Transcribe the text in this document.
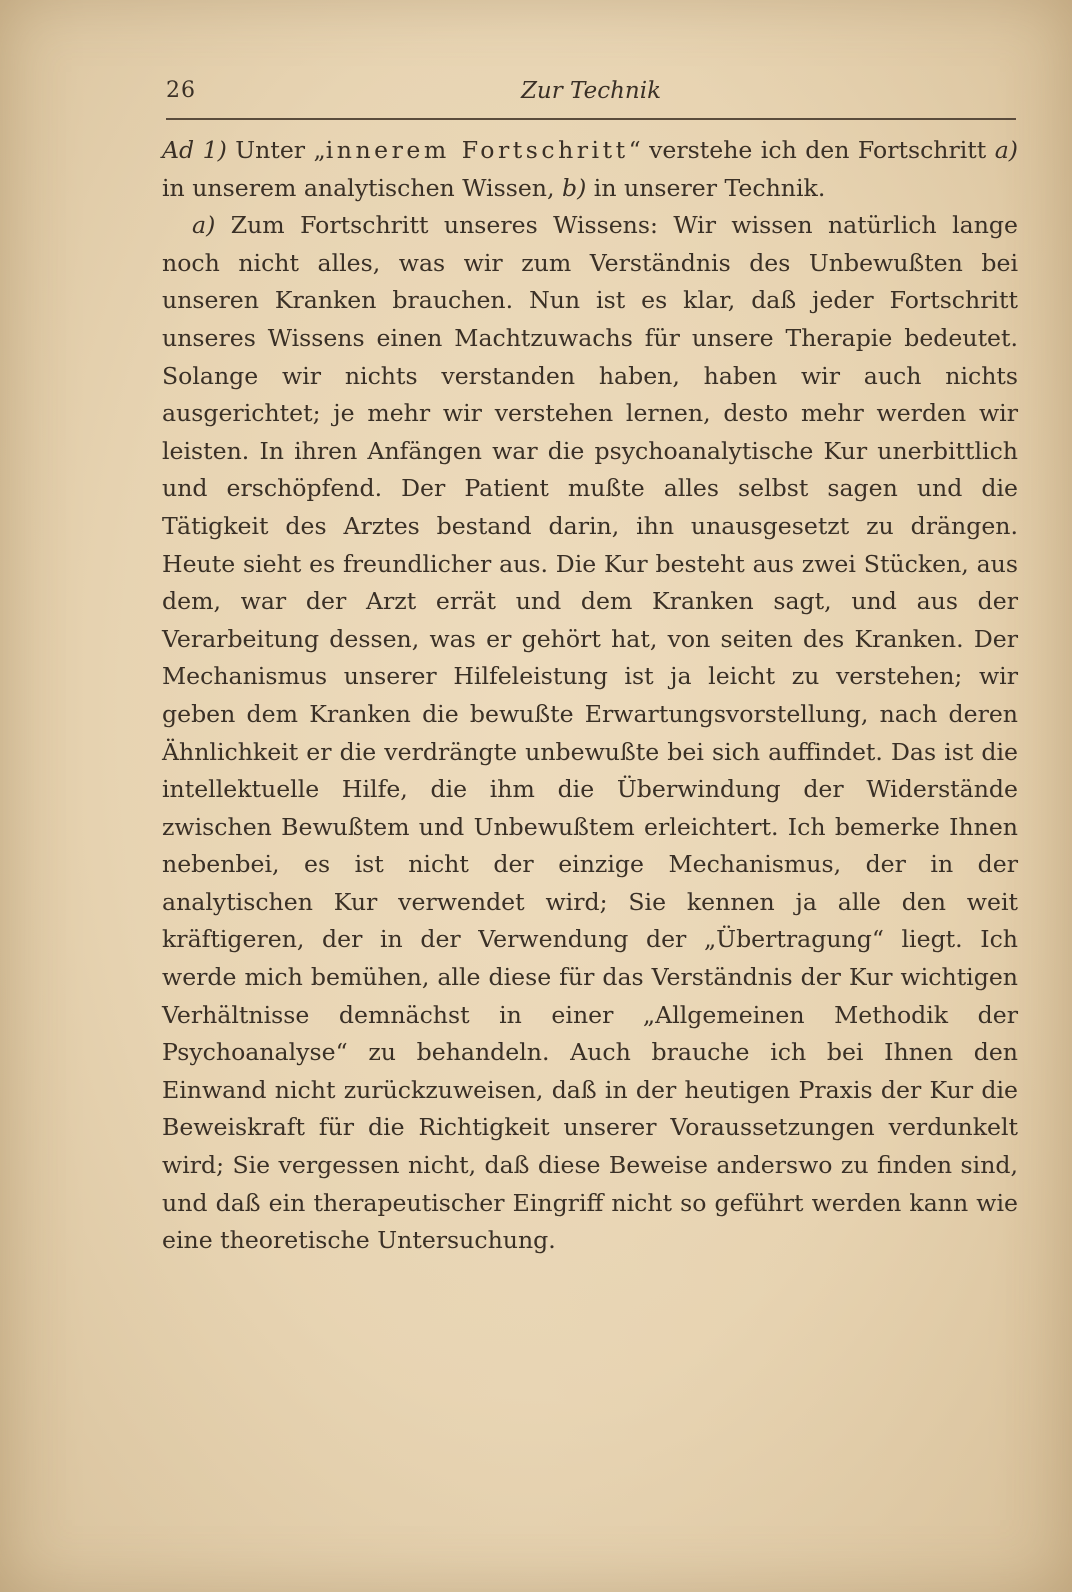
26	Zur Technik

Ad 1) Unter „innerem Fortschritt“ verstehe ich den Fortschritt a) in unserem analytischen Wissen, b) in unserer Technik.

a) Zum Fortschritt unseres Wissens: Wir wissen natürlich lange noch nicht alles, was wir zum Verständnis des Unbewußten bei unseren Kranken brauchen. Nun ist es klar, daß jeder Fortschritt unseres Wissens einen Machtzuwachs für unsere Therapie bedeutet. Solange wir nichts verstanden haben, haben wir auch nichts ausgerichtet; je mehr wir verstehen lernen, desto mehr werden wir leisten. In ihren Anfängen war die psychoanalytische Kur unerbittlich und erschöpfend. Der Patient mußte alles selbst sagen und die Tätigkeit des Arztes bestand darin, ihn unausgesetzt zu drängen. Heute sieht es freundlicher aus. Die Kur besteht aus zwei Stücken, aus dem, war der Arzt errät und dem Kranken sagt, und aus der Verarbeitung dessen, was er gehört hat, von seiten des Kranken. Der Mechanismus unserer Hilfeleistung ist ja leicht zu verstehen; wir geben dem Kranken die bewußte Erwartungsvorstellung, nach deren Ähnlichkeit er die verdrängte unbewußte bei sich auffindet. Das ist die intellektuelle Hilfe, die ihm die Überwindung der Widerstände zwischen Bewußtem und Unbewußtem erleichtert. Ich bemerke Ihnen nebenbei, es ist nicht der einzige Mechanismus, der in der analytischen Kur verwendet wird; Sie kennen ja alle den weit kräftigeren, der in der Verwendung der „Übertragung“ liegt. Ich werde mich bemühen, alle diese für das Verständnis der Kur wichtigen Verhältnisse demnächst in einer „Allgemeinen Methodik der Psychoanalyse“ zu behandeln. Auch brauche ich bei Ihnen den Einwand nicht zurückzuweisen, daß in der heutigen Praxis der Kur die Beweiskraft für die Richtigkeit unserer Voraussetzungen verdunkelt wird; Sie vergessen nicht, daß diese Beweise anderswo zu finden sind, und daß ein therapeutischer Eingriff nicht so geführt werden kann wie eine theoretische Untersuchung.
